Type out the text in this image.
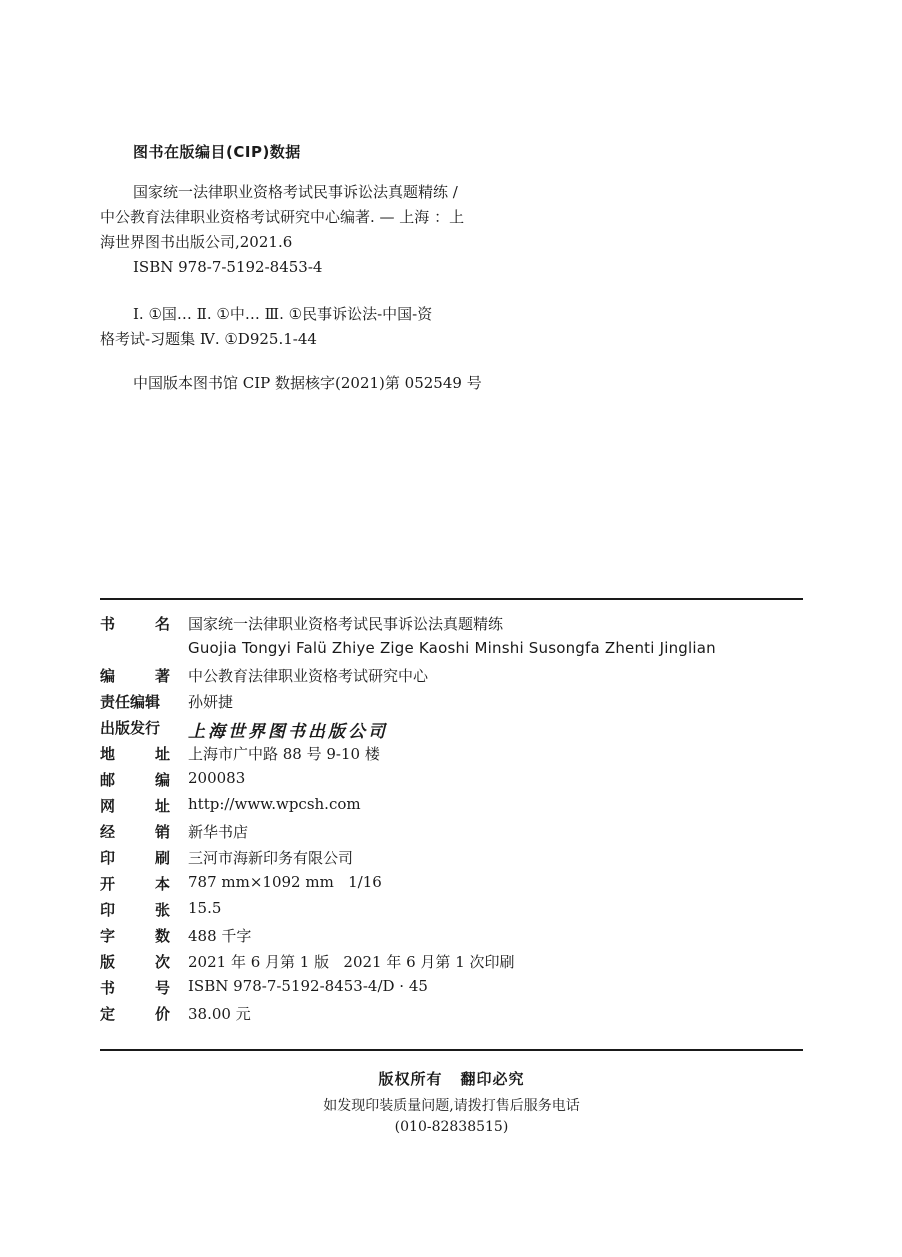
图书在版编目(CIP)数据
国家统一法律职业资格考试民事诉讼法真题精练 /
中公教育法律职业资格考试研究中心编著. — 上海 ：上
海世界图书出版公司,2021.6
ISBN 978-7-5192-8453-4
Ⅰ. ①国… Ⅱ. ①中… Ⅲ. ①民事诉讼法-中国-资
格考试-习题集 Ⅳ. ①D925.1-44
中国版本图书馆 CIP 数据核字(2021)第 052549 号
书	名 国家统一法律职业资格考试民事诉讼法真题精练
Guojia Tongyi Falü Zhiye Zige Kaoshi Minshi Susongfa Zhenti Jinglian
编	著 中公教育法律职业资格考试研究中心
责任编辑	孙妍捷
出版发行	上海世界图书出版公司
地	址 上海市广中路 88 号 9-10 楼
邮	编 200083
网	址 http://www.wpcsh.com
经	销 新华书店
印	刷 三河市海新印务有限公司
开	本 787 mm×1092 mm   1/16
印	张 15.5
字	数 488 千字
版	次 2021 年 6 月第 1 版   2021 年 6 月第 1 次印刷
书	号 ISBN 978-7-5192-8453-4/D · 45
定	价 38.00 元
版权所有 翻印必究
如发现印装质量问题,请拨打售后服务电话
(010-82838515)
